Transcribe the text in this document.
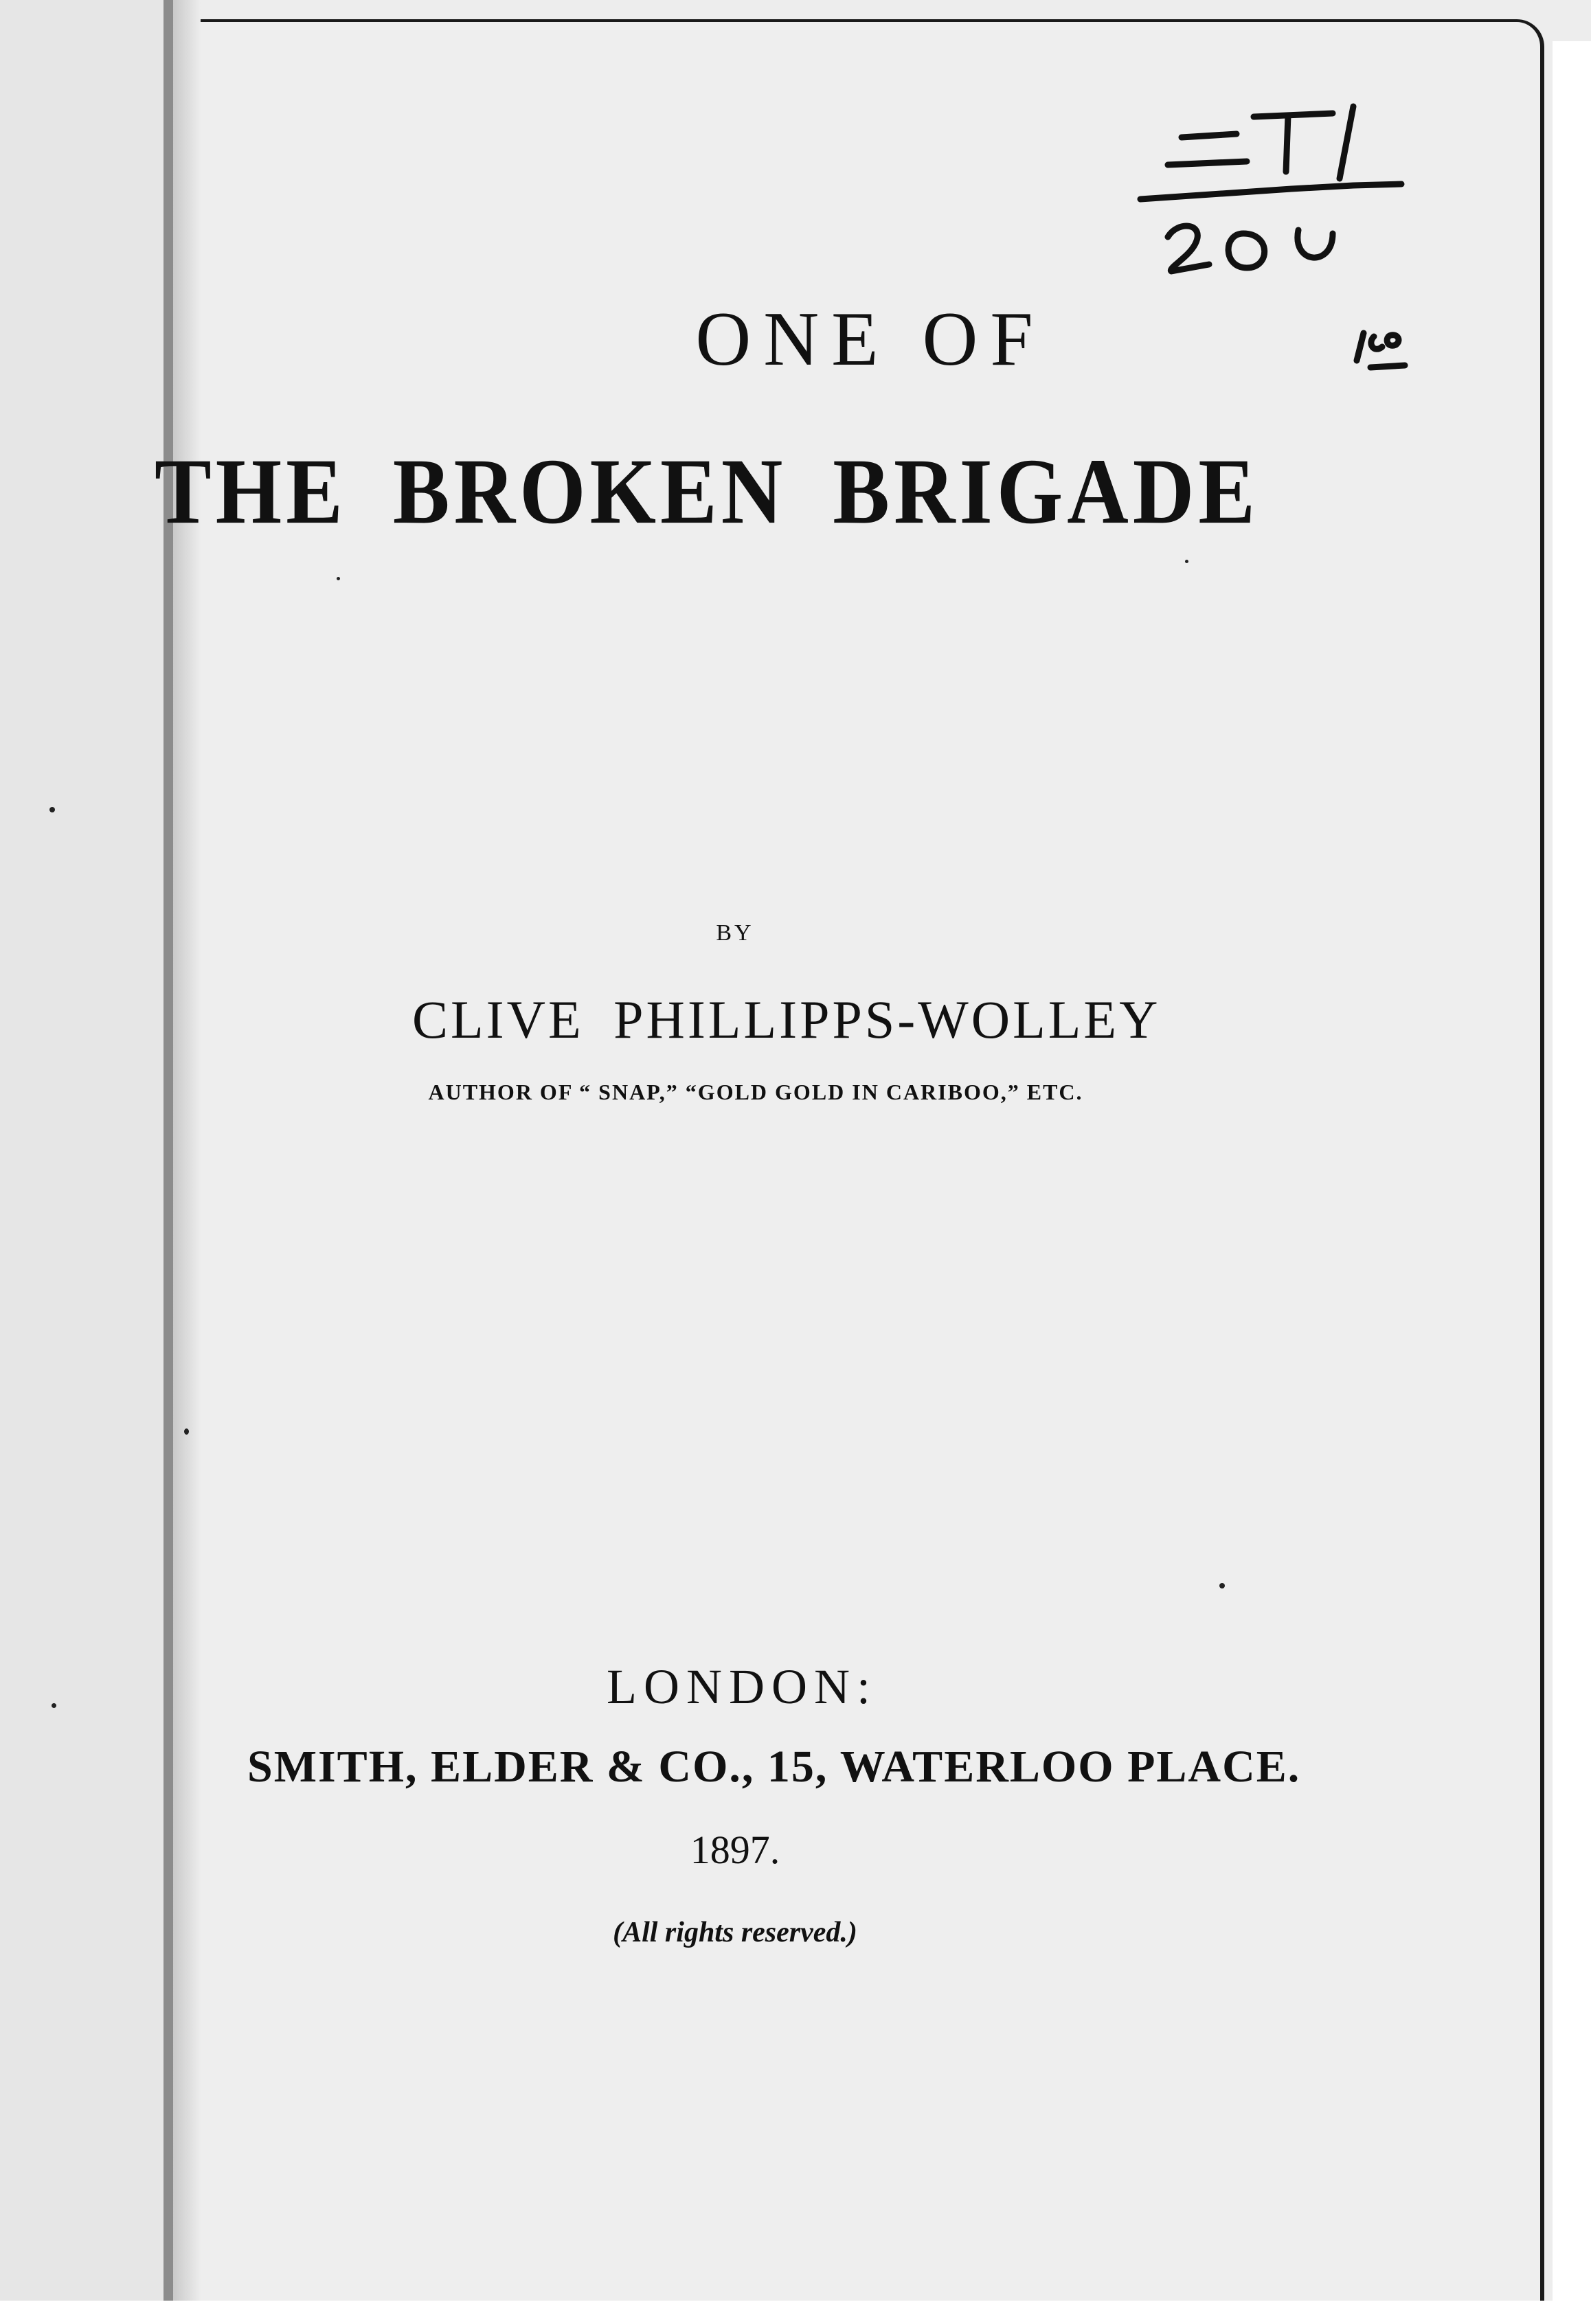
ONE OF
THE BROKEN BRIGADE
BY
CLIVE PHILLIPPS-WOLLEY
AUTHOR OF “ SNAP,” “GOLD GOLD IN CARIBOO,” ETC.
LONDON:
SMITH, ELDER & CO., 15, WATERLOO PLACE.
1897.
(All rights reserved.)
